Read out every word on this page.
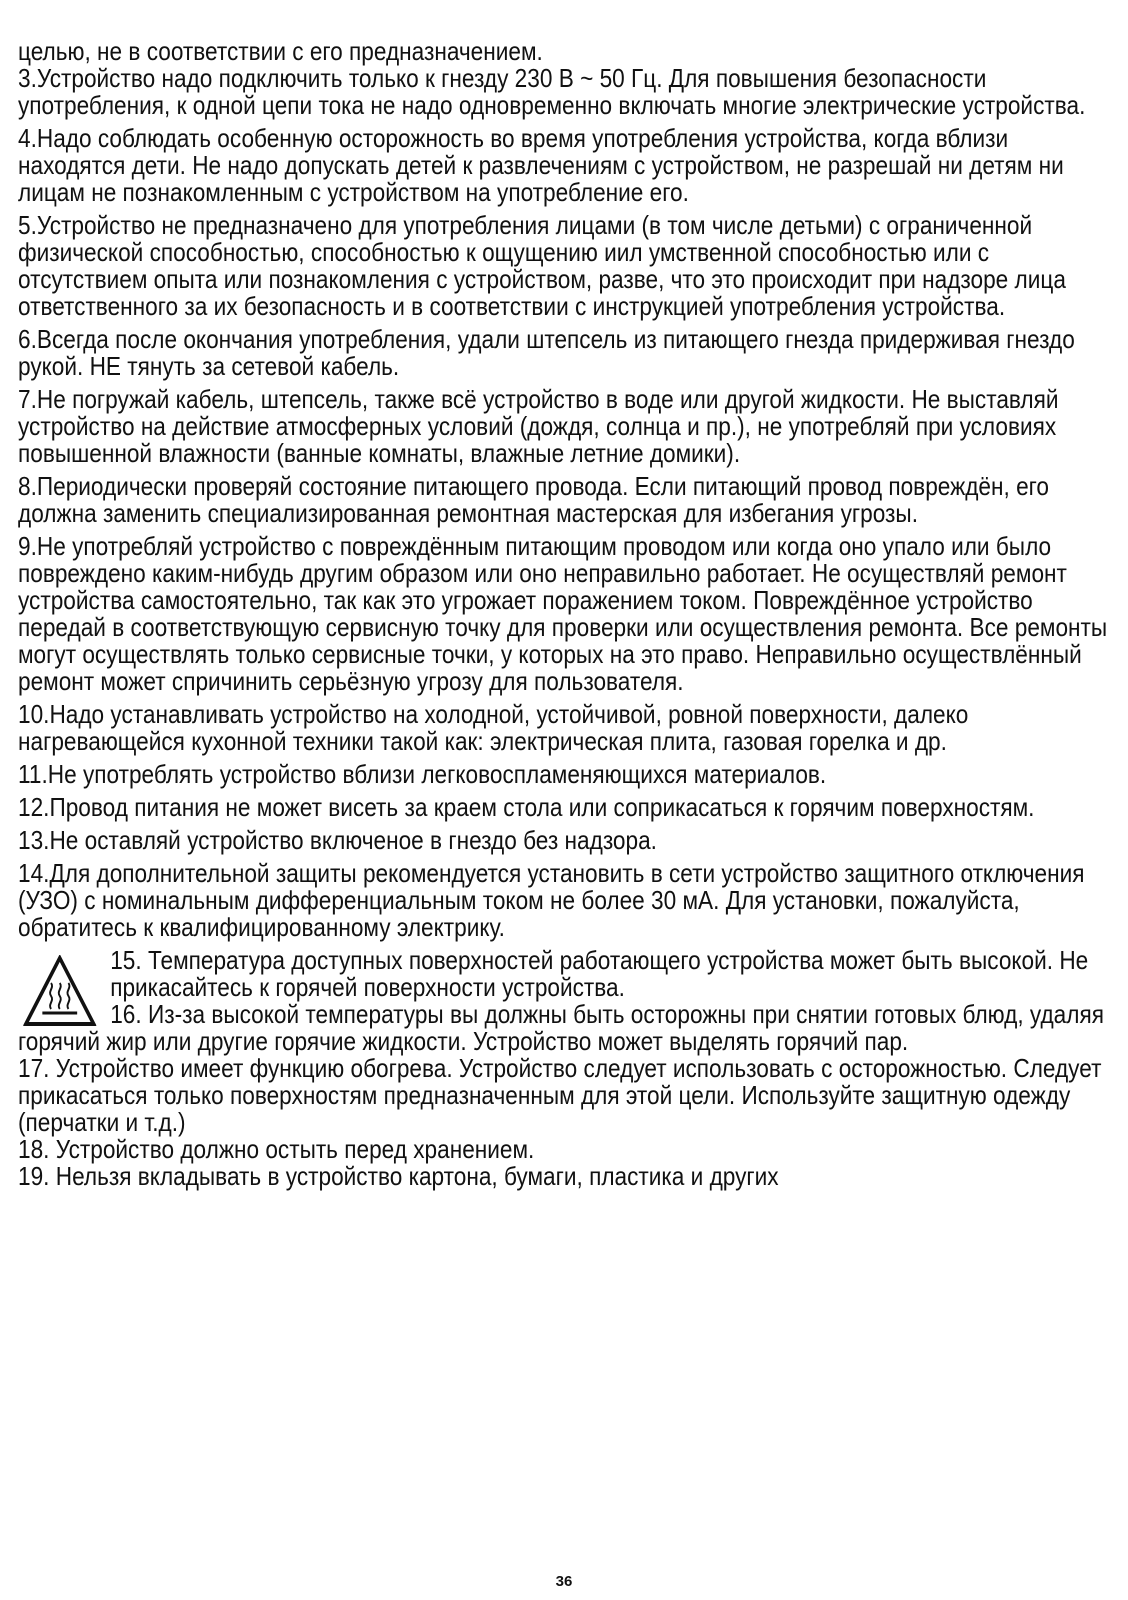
целью, не в соответствии с его предназначением.

3.Устройство надо подключить только к гнезду 230 В ~ 50 Гц. Для повышения безопасности употребления, к одной цепи тока не надо одновременно включать многие электрические устройства.

4.Надо соблюдать особенную осторожность во время употребления устройства, когда вблизи находятся дети. Не надо допускать детей к развлечениям с устройством, не разрешай ни детям ни лицам не познакомленным с устройством на употребление его.

5.Устройство не предназначено для употребления лицами (в том числе детьми) с ограниченной физической способностью, способностью к ощущению иил умственной способностью или с отсутствием опыта или познакомления с устройством, разве, что это происходит при надзоре лица ответственного за их безопасность и в соответствии с инструкцией употребления устройства.

6.Всегда после окончания употребления, удали штепсель из питающего гнезда придерживая гнездо рукой. НЕ тянуть за сетевой кабель.

7.Не погружай кабель, штепсель, также всё устройство в воде или другой жидкости. Не выставляй устройство на действие атмосферных условий (дождя, солнца и пр.), не употребляй при условиях повышенной влажности (ванные комнаты, влажные летние домики).

8.Периодически проверяй состояние питающего провода. Если питающий провод повреждён, его должна заменить специализированная ремонтная мастерская для избегания угрозы.

9.Не употребляй устройство с повреждённым питающим проводом или когда оно упало или было повреждено каким-нибудь другим образом или оно неправильно работает. Не осуществляй ремонт устройства самостоятельно, так как это угрожает поражением током. Повреждённое устройство передай в соответствующую сервисную точку для проверки или осуществления ремонта. Все ремонты могут осуществлять только сервисные точки, у которых на это право. Неправильно осуществлённый ремонт может спричинить серьёзную угрозу для пользователя.

10.Надо устанавливать устройство на холодной, устойчивой, ровной поверхности, далеко нагревающейся кухонной техники такой как: электрическая плита, газовая горелка и др.

11.Не употреблять устройство вблизи легковоспламеняющихся материалов.

12.Провод питания не может висеть за краем стола или соприкасаться к горячим поверхностям.

13.Не оставляй устройство включеное в гнездо без надзора.

14.Для дополнительной защиты рекомендуется установить в сети устройство защитного отключения (УЗО) с номинальным дифференциальным током не более 30 мА. Для установки, пожалуйста, обратитесь к квалифицированному электрику.

15. Температура доступных поверхностей работающего устройства может быть высокой. Не прикасайтесь к горячей поверхности устройства.

16. Из-за высокой температуры вы должны быть осторожны при снятии готовых блюд, удаляя горячий жир или другие горячие жидкости. Устройство может выделять горячий пар.

17. Устройство имеет функцию обогрева. Устройство следует использовать с осторожностью. Следует прикасаться только поверхностям предназначенным для этой цели. Используйте защитную одежду (перчатки и т.д.)

18. Устройство должно остыть перед хранением.

19. Нельзя вкладывать в устройство картона, бумаги, пластика и других

36
